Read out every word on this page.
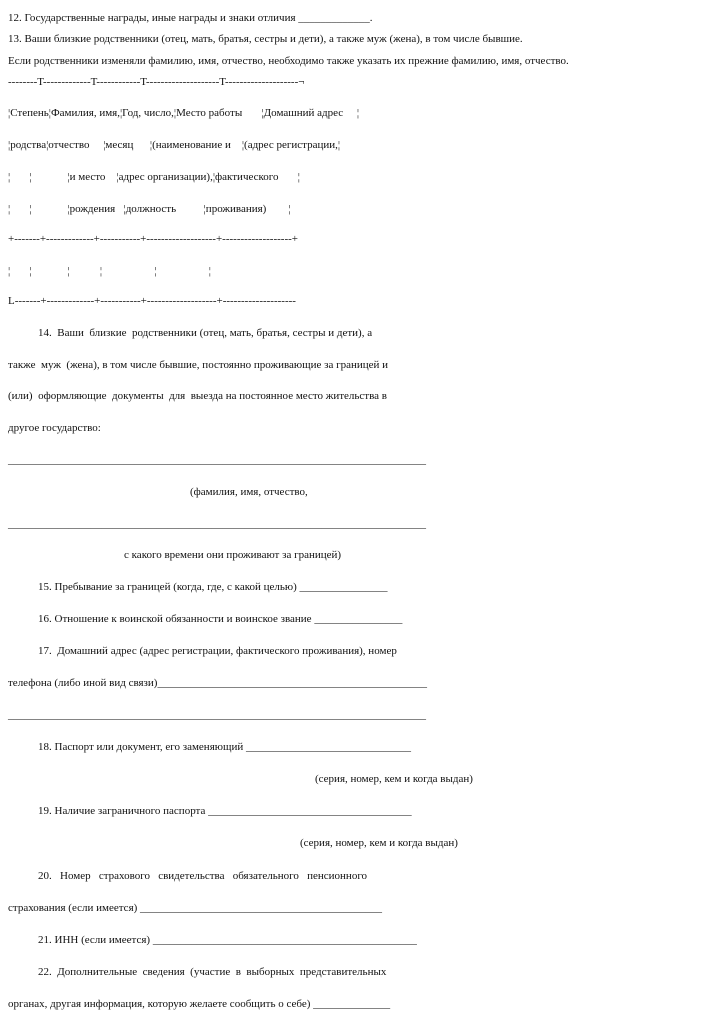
12. Государственные награды, иные награды и знаки отличия _____________.
13. Ваши близкие родственники (отец, мать, братья, сестры и дети), а также муж (жена), в том числе бывшие.
Если родственники изменяли фамилию, имя, отчество, необходимо также указать их прежние фамилию, имя, отчество.
--------T-------------T------------T--------------------T--------------------¬
¦Степень¦Фамилия, имя,¦Год, число,¦Место работы       ¦Домашний адрес     ¦
¦родства¦отчество     ¦месяц      ¦(наименование и    ¦(адрес регистрации,¦
¦       ¦             ¦и место    ¦адрес организации),¦фактического       ¦
¦       ¦             ¦рождения   ¦должность          ¦проживания)        ¦
+-------+-------------+-----------+-------------------+-------------------+
¦       ¦             ¦           ¦                   ¦                   ¦
L-------+-------------+-----------+-------------------+--------------------
14.  Ваши  близкие  родственники (отец, мать, братья, сестры и дети), а
также  муж  (жена), в том числе бывшие, постоянно проживающие за границей и
(или)  оформляющие  документы  для  выезда на постоянное место жительства в
другое государство:
____________________________________________________________________________
(фамилия, имя, отчество,
____________________________________________________________________________
с какого времени они проживают за границей)
15. Пребывание за границей (когда, где, с какой целью) ________________
16. Отношение к воинской обязанности и воинское звание ________________
17.  Домашний адрес (адрес регистрации, фактического проживания), номер
телефона (либо иной вид связи)_________________________________________________
____________________________________________________________________________
18. Паспорт или документ, его заменяющий ______________________________
(серия, номер, кем и когда выдан)
19. Наличие заграничного паспорта _____________________________________
(серия, номер, кем и когда выдан)
20.   Номер   страхового   свидетельства   обязательного   пенсионного
страхования (если имеется) ____________________________________________
21. ИНН (если имеется) ________________________________________________
22.  Дополнительные  сведения  (участие  в  выборных  представительных
органах, другая информация, которую желаете сообщить о себе) ______________
